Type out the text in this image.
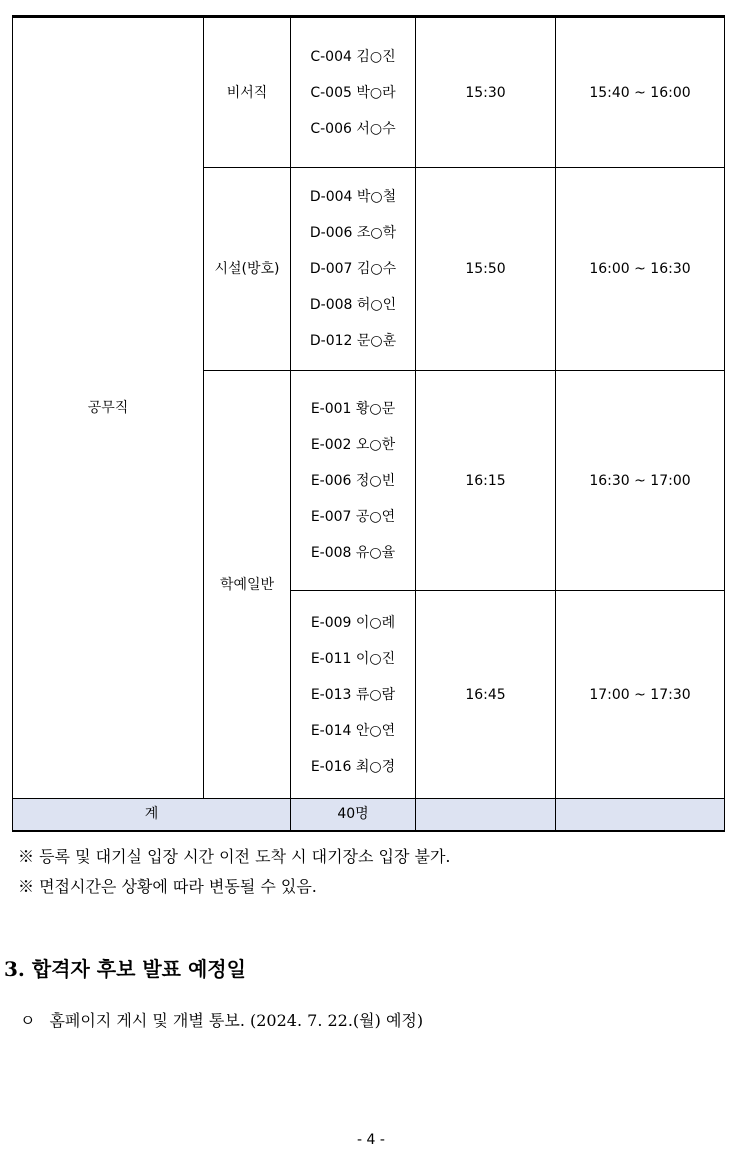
공무직	비서직	C-004 김○진
C-005 박○라
C-006 서○수	15:30	15:40 ~ 16:00
	시설(방호)	D-004 박○철
D-006 조○학
D-007 김○수
D-008 허○인
D-012 문○훈	15:50	16:00 ~ 16:30
	학예일반	E-001 황○문
E-002 오○한
E-006 정○빈
E-007 공○연
E-008 유○율	16:15	16:30 ~ 17:00

		E-009 이○례
E-011 이○진
E-013 류○람
E-014 안○연
E-016 최○경	16:45	17:00 ~ 17:30
계		40명		
※ 등록 및 대기실 입장 시간 이전 도착 시 대기장소 입장 불가.
※ 면접시간은 상황에 따라 변동될 수 있음.
3. 합격자 후보 발표 예정일
ㅇ 홈페이지 게시 및 개별 통보. (2024. 7. 22.(월) 예정)
- 4 -
